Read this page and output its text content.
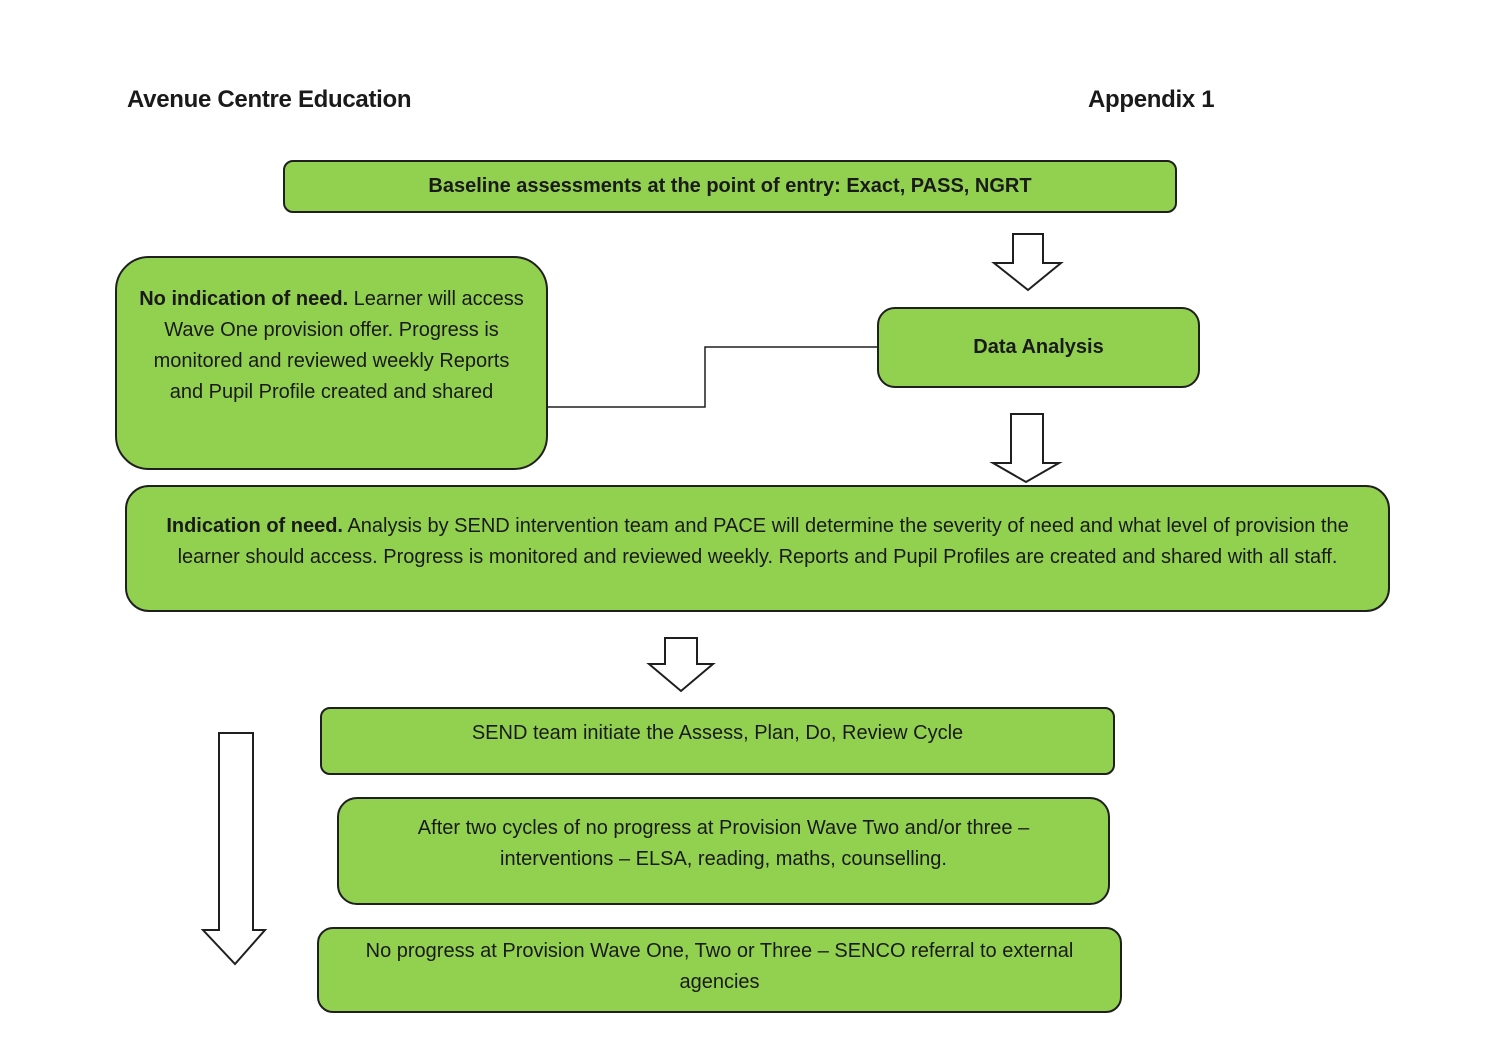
Avenue Centre Education	Appendix 1
Baseline assessments at the point of entry: Exact, PASS, NGRT
No indication of need. Learner will access Wave One provision offer. Progress is monitored and reviewed weekly Reports and Pupil Profile created and shared
Data Analysis
Indication of need. Analysis by SEND intervention team and PACE will determine the severity of need and what level of provision the learner should access. Progress is monitored and reviewed weekly. Reports and Pupil Profiles are created and shared with all staff.
SEND team initiate the Assess, Plan, Do, Review Cycle
After two cycles of no progress at Provision Wave Two and/or three – interventions – ELSA, reading, maths, counselling.
No progress at Provision Wave One, Two or Three – SENCO referral to external agencies
